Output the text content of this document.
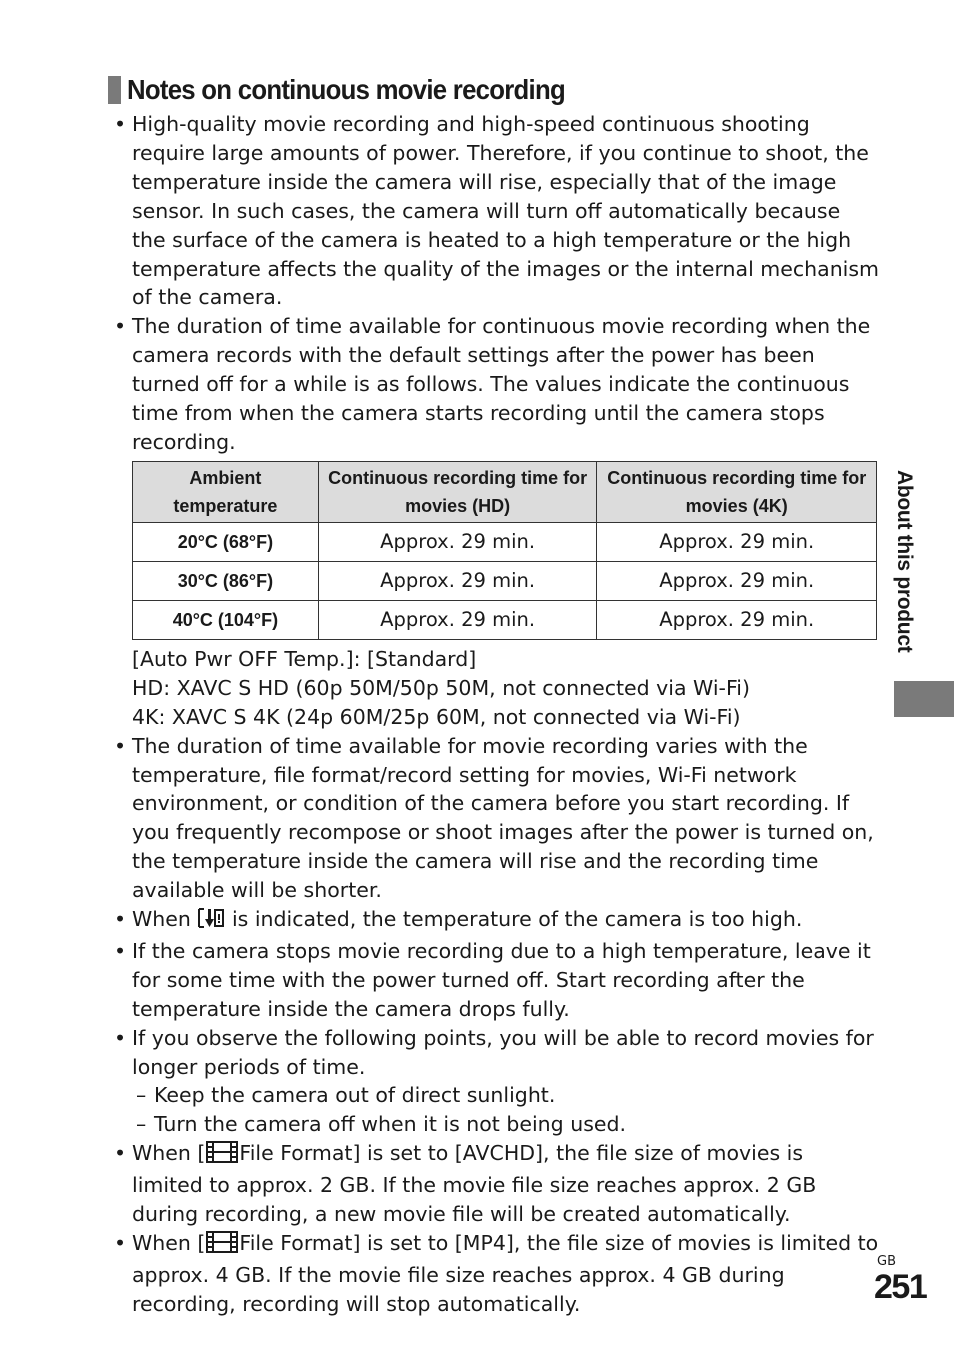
Notes on continuous movie recording
• High-quality movie recording and high-speed continuous shooting require large amounts of power. Therefore, if you continue to shoot, the temperature inside the camera will rise, especially that of the image sensor. In such cases, the camera will turn off automatically because the surface of the camera is heated to a high temperature or the high temperature affects the quality of the images or the internal mechanism of the camera.
• The duration of time available for continuous movie recording when the camera records with the default settings after the power has been turned off for a while is as follows. The values indicate the continuous time from when the camera starts recording until the camera stops recording.
Ambient temperature	Continuous recording time for movies (HD)	Continuous recording time for movies (4K)
20°C (68°F)	Approx. 29 min.	Approx. 29 min.
30°C (86°F)	Approx. 29 min.	Approx. 29 min.
40°C (104°F)	Approx. 29 min.	Approx. 29 min.
[Auto Pwr OFF Temp.]: [Standard]
HD: XAVC S HD (60p 50M/50p 50M, not connected via Wi-Fi)
4K: XAVC S 4K (24p 60M/25p 60M, not connected via Wi-Fi)
• The duration of time available for movie recording varies with the temperature, file format/record setting for movies, Wi-Fi network environment, or condition of the camera before you start recording. If you frequently recompose or shoot images after the power is turned on, the temperature inside the camera will rise and the recording time available will be shorter.
• When is indicated, the temperature of the camera is too high.
• If the camera stops movie recording due to a high temperature, leave it for some time with the power turned off. Start recording after the temperature inside the camera drops fully.
• If you observe the following points, you will be able to record movies for longer periods of time.
– Keep the camera out of direct sunlight.
– Turn the camera off when it is not being used.
• When [ File Format] is set to [AVCHD], the file size of movies is limited to approx. 2 GB. If the movie file size reaches approx. 2 GB during recording, a new movie file will be created automatically.
• When [ File Format] is set to [MP4], the file size of movies is limited to approx. 4 GB. If the movie file size reaches approx. 4 GB during recording, recording will stop automatically.
About this product
GB
251
